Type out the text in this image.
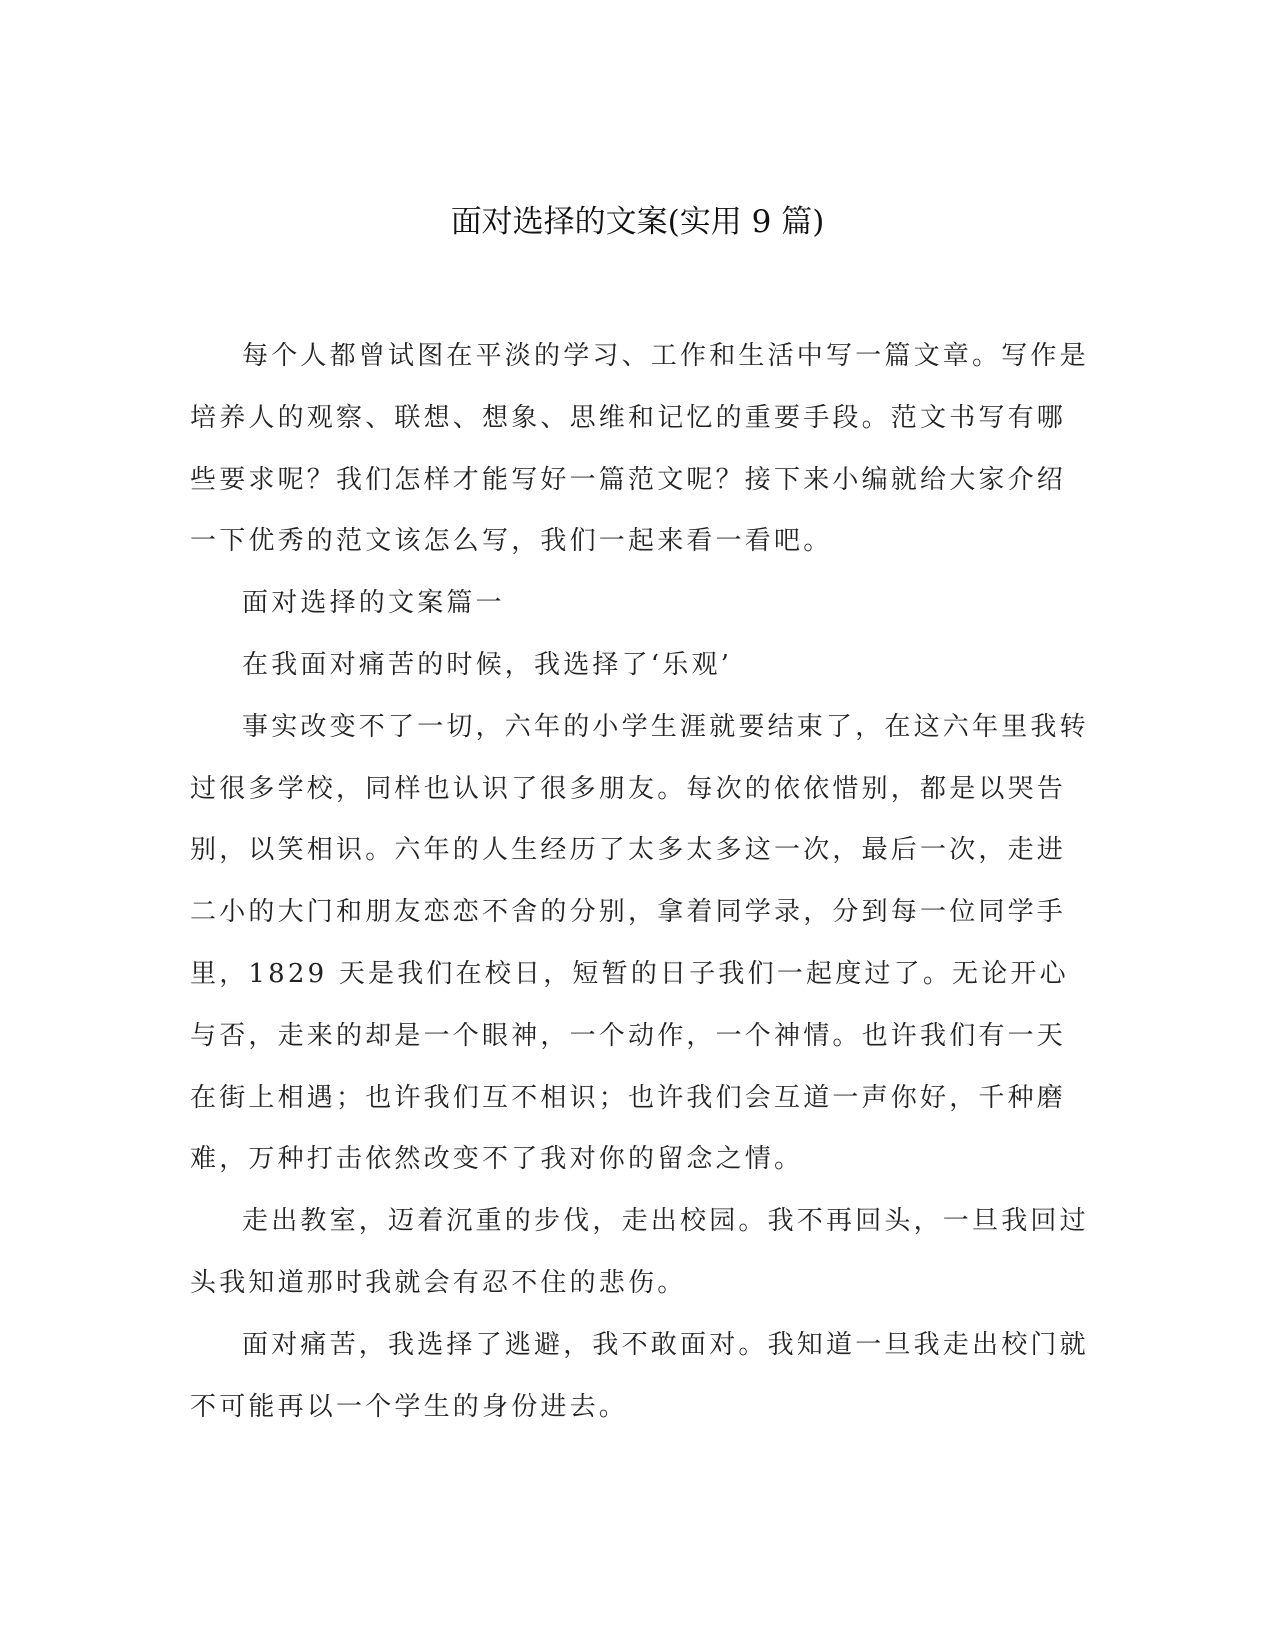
面对选择的文案(实用 9 篇)

每个人都曾试图在平淡的学习、工作和生活中写一篇文章。写作是培养人的观察、联想、想象、思维和记忆的重要手段。范文书写有哪些要求呢？我们怎样才能写好一篇范文呢？接下来小编就给大家介绍一下优秀的范文该怎么写，我们一起来看一看吧。

面对选择的文案篇一

在我面对痛苦的时候，我选择了‘乐观’

事实改变不了一切，六年的小学生涯就要结束了，在这六年里我转过很多学校，同样也认识了很多朋友。每次的依依惜别，都是以哭告别，以笑相识。六年的人生经历了太多太多这一次，最后一次，走进二小的大门和朋友恋恋不舍的分别，拿着同学录，分到每一位同学手里，1829 天是我们在校日，短暂的日子我们一起度过了。无论开心与否，走来的却是一个眼神，一个动作，一个神情。也许我们有一天在街上相遇；也许我们互不相识；也许我们会互道一声你好，千种磨难，万种打击依然改变不了我对你的留念之情。

走出教室，迈着沉重的步伐，走出校园。我不再回头，一旦我回过头我知道那时我就会有忍不住的悲伤。

面对痛苦，我选择了逃避，我不敢面对。我知道一旦我走出校门就不可能再以一个学生的身份进去。
